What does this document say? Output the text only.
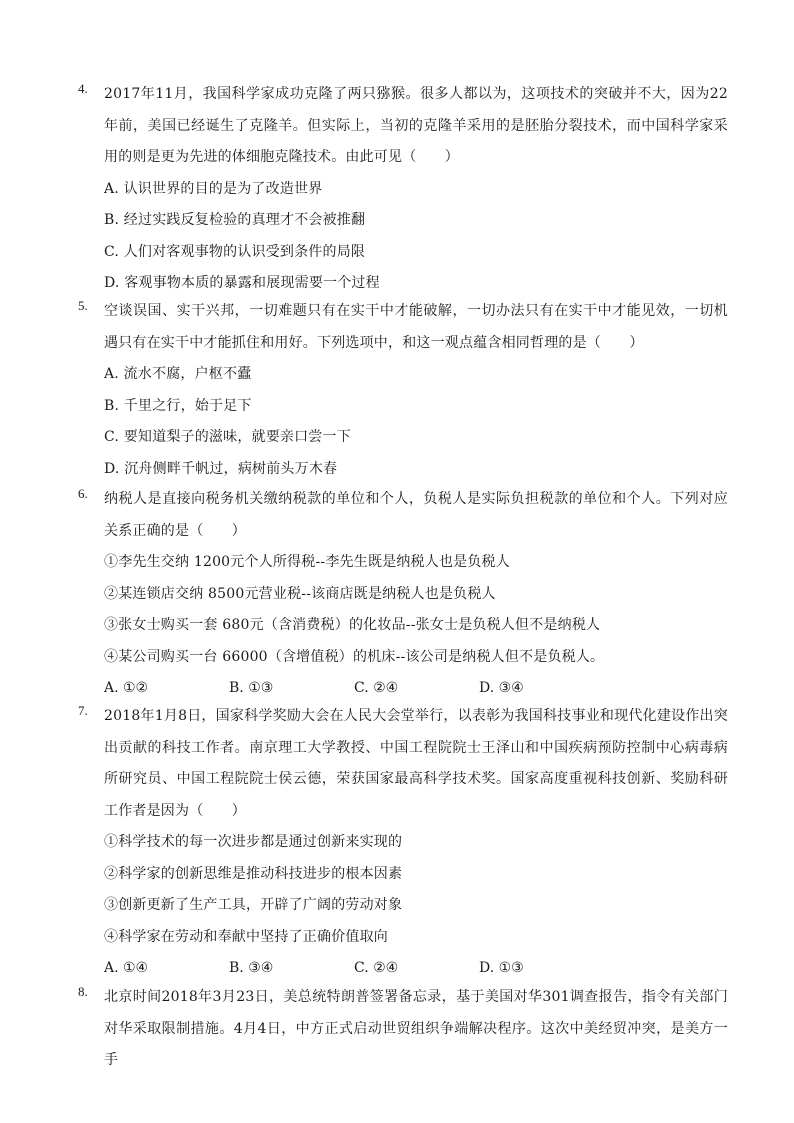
4.	2017年11月，我国科学家成功克隆了两只猕猴。很多人都以为，这项技术的突破并不大，因为22年前，美国已经诞生了克隆羊。但实际上，当初的克隆羊采用的是胚胎分裂技术，而中国科学家采用的则是更为先进的体细胞克隆技术。由此可见（　　）
A. 认识世界的目的是为了改造世界
B. 经过实践反复检验的真理才不会被推翻
C. 人们对客观事物的认识受到条件的局限
D. 客观事物本质的暴露和展现需要一个过程
5.	空谈误国、实干兴邦，一切难题只有在实干中才能破解，一切办法只有在实干中才能见效，一切机遇只有在实干中才能抓住和用好。下列选项中，和这一观点蕴含相同哲理的是（　　）
A. 流水不腐，户枢不蠹
B. 千里之行，始于足下
C. 要知道梨子的滋味，就要亲口尝一下
D. 沉舟侧畔千帆过，病树前头万木春
6.	纳税人是直接向税务机关缴纳税款的单位和个人，负税人是实际负担税款的单位和个人。下列对应关系正确的是（　　）
①李先生交纳 1200元个人所得税--李先生既是纳税人也是负税人
②某连锁店交纳 8500元营业税--该商店既是纳税人也是负税人
③张女士购买一套 680元（含消费税）的化妆品--张女士是负税人但不是纳税人
④某公司购买一台 66000（含增值税）的机床--该公司是纳税人但不是负税人。
A. ①②	B. ①③	C. ②④	D. ③④
7.	2018年1月8日，国家科学奖励大会在人民大会堂举行，以表彰为我国科技事业和现代化建设作出突出贡献的科技工作者。南京理工大学教授、中国工程院院士王泽山和中国疾病预防控制中心病毒病所研究员、中国工程院院士侯云德，荣获国家最高科学技术奖。国家高度重视科技创新、奖励科研工作者是因为（　　）
①科学技术的每一次进步都是通过创新来实现的
②科学家的创新思维是推动科技进步的根本因素
③创新更新了生产工具，开辟了广阔的劳动对象
④科学家在劳动和奉献中坚持了正确价值取向
A. ①④	B. ③④	C. ②④	D. ①③
8.	北京时间2018年3月23日，美总统特朗普签署备忘录，基于美国对华301调查报告，指令有关部门对华采取限制措施。4月4日，中方正式启动世贸组织争端解决程序。这次中美经贸冲突，是美方一手
